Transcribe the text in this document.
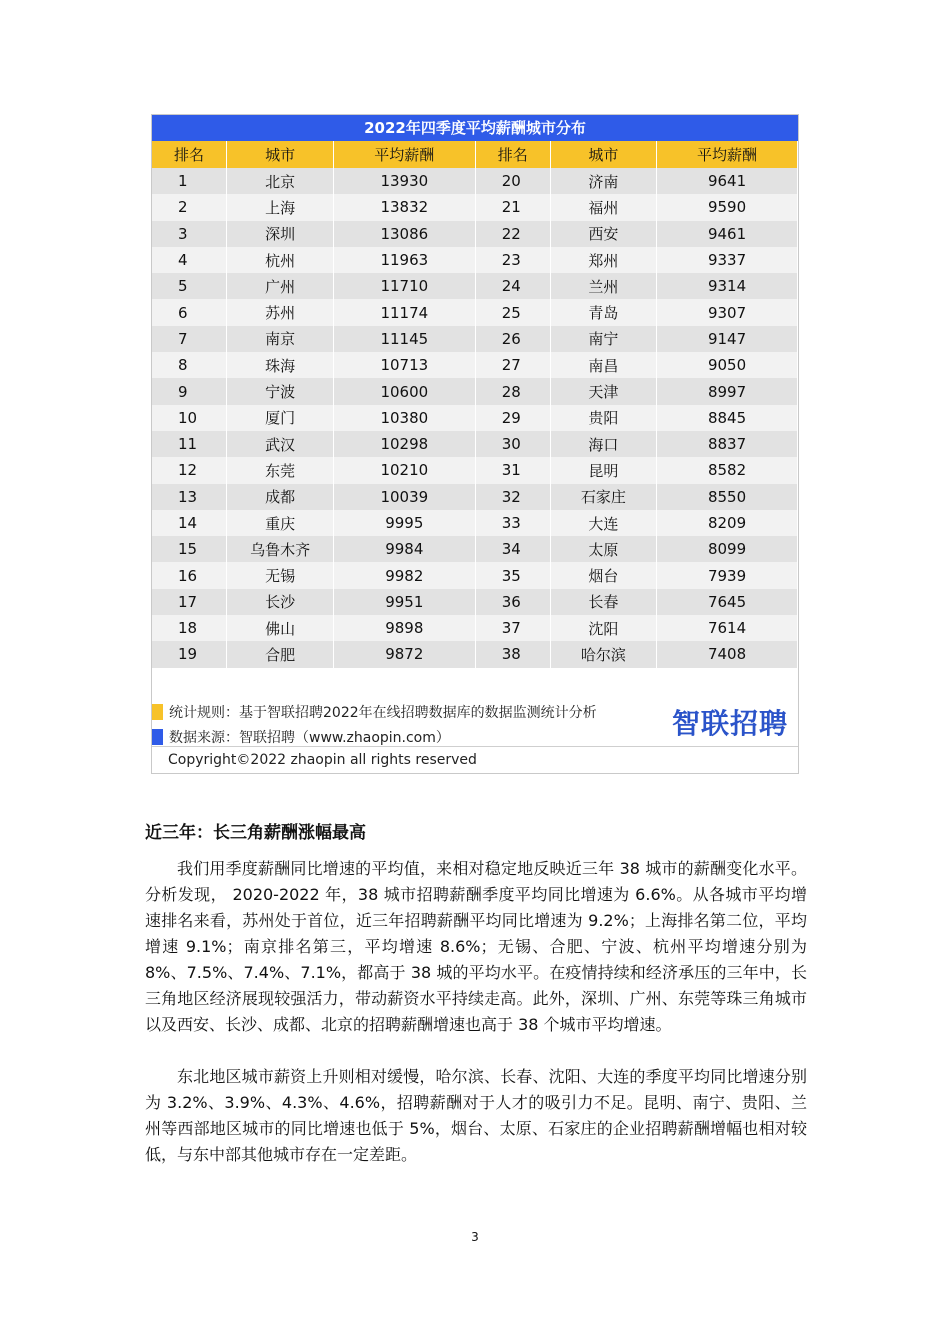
2022年四季度平均薪酬城市分布
排名	城市	平均薪酬	排名	城市	平均薪酬
1	北京	13930	20	济南	9641
2	上海	13832	21	福州	9590
3	深圳	13086	22	西安	9461
4	杭州	11963	23	郑州	9337
5	广州	11710	24	兰州	9314
6	苏州	11174	25	青岛	9307
7	南京	11145	26	南宁	9147
8	珠海	10713	27	南昌	9050
9	宁波	10600	28	天津	8997
10	厦门	10380	29	贵阳	8845
11	武汉	10298	30	海口	8837
12	东莞	10210	31	昆明	8582
13	成都	10039	32	石家庄	8550
14	重庆	9995	33	大连	8209
15	乌鲁木齐	9984	34	太原	8099
16	无锡	9982	35	烟台	7939
17	长沙	9951	36	长春	7645
18	佛山	9898	37	沈阳	7614
19	合肥	9872	38	哈尔滨	7408
统计规则：基于智联招聘2022年在线招聘数据库的数据监测统计分析
数据来源：智联招聘（www.zhaopin.com）	智联招聘
Copyright©2022 zhaopin all rights reserved
近三年：长三角薪酬涨幅最高

我们用季度薪酬同比增速的平均值，来相对稳定地反映近三年 38 城市的薪酬变化水平。分析发现， 2020-2022 年，38 城市招聘薪酬季度平均同比增速为 6.6%。从各城市平均增速排名来看，苏州处于首位，近三年招聘薪酬平均同比增速为 9.2%；上海排名第二位，平均增速 9.1%；南京排名第三，平均增速 8.6%；无锡、合肥、宁波、杭州平均增速分别为 8%、7.5%、7.4%、7.1%，都高于 38 城的平均水平。在疫情持续和经济承压的三年中，长三角地区经济展现较强活力，带动薪资水平持续走高。此外，深圳、广州、东莞等珠三角城市以及西安、长沙、成都、北京的招聘薪酬增速也高于 38 个城市平均增速。

东北地区城市薪资上升则相对缓慢，哈尔滨、长春、沈阳、大连的季度平均同比增速分别为 3.2%、3.9%、4.3%、4.6%，招聘薪酬对于人才的吸引力不足。昆明、南宁、贵阳、兰州等西部地区城市的同比增速也低于 5%，烟台、太原、石家庄的企业招聘薪酬增幅也相对较低，与东中部其他城市存在一定差距。

3
